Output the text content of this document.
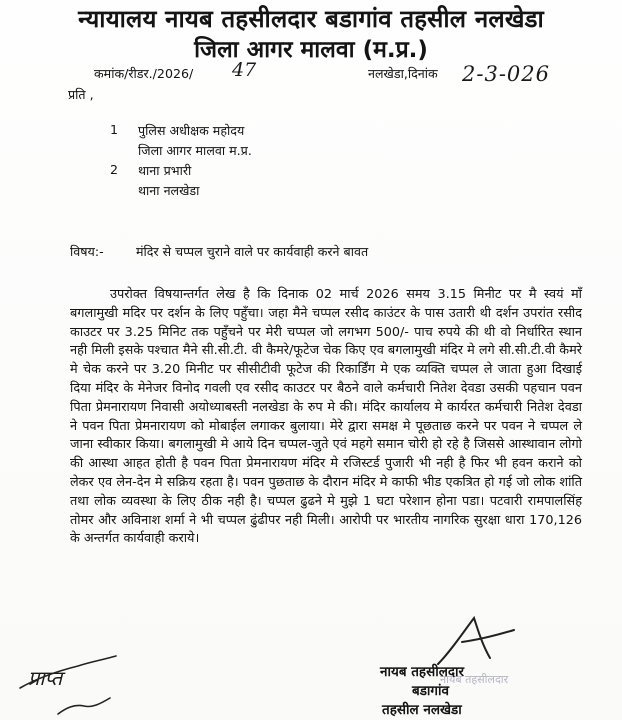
न्यायालय नायब तहसीलदार बडागांव तहसील नलखेडा
जिला आगर मालवा (म.प्र.)
कमांक/रीडर./2026/ 47	नलखेडा,दिनांक 2-3-026
प्रति ,
1 पुलिस अधीक्षक महोदय
जिला आगर मालवा म.प्र.
2 थाना प्रभारी
थाना नलखेडा
विषय:-	मंदिर से चप्पल चुराने वाले पर कार्यवाही करने बावत

उपरोक्त विषयान्तर्गत लेख है कि दिनाक 02 मार्च 2026 समय 3.15 मिनीट पर मै स्वयं माँ बगलामुखी मदिर पर दर्शन के लिए पहुँचा। जहा मैने चप्पल रसीद काउंटर के पास उतारी थी दर्शन उपरांत रसीद काउटर पर 3.25 मिनिट तक पहुँचने पर मेरी चप्पल जो लगभग 500/- पाच रुपये की थी वो निर्धारित स्थान नही मिली इसके पश्चात मैने सी.सी.टी. वी कैमरे/फूटेज चेक किए एव बगलामुखी मंदिर मे लगे सी.सी.टी.वी कैमरे मे चेक करने पर 3.20 मिनीट पर सीसीटीवी फूटेज की रिकार्डिंग मे एक व्यक्ति चप्पल ले जाता हुआ दिखाई दिया मंदिर के मेनेजर विनोद गवली एव रसीद काउटर पर बैठने वाले कर्मचारी नितेश देवडा उसकी पहचान पवन पिता प्रेमनारायण निवासी अयोध्याबस्ती नलखेडा के रुप मे की। मंदिर कार्यालय मे कार्यरत कर्मचारी नितेश देवडा ने पवन पिता प्रेमनारायण को मोबाईल लगाकर बुलाया। मेरे द्वारा समक्ष मे पूछताछ करने पर पवन ने चप्पल ले जाना स्वीकार किया। बगलामुखी मे आये दिन चप्पल-जुते एवं महगे समान चोरी हो रहे है जिससे आस्थावान लोगो की आस्था आहत होती है पवन पिता प्रेमनारायण मंदिर मे रजिस्टर्ड पुजारी भी नही है फिर भी हवन कराने को लेकर एव लेन-देन मे सक्रिय रहता है। पवन पुछताछ के दौरान मंदिर मे काफी भीड एकत्रित हो गई जो लोक शांति तथा लोक व्यवस्था के लिए ठीक नही है। चप्पल ढुढने मे मुझे 1 घटा परेशान होना पडा। पटवारी रामपालसिंह तोमर और अविनाश शर्मा ने भी चप्पल ढुंढीपर नही मिली। आरोपी पर भारतीय नागरिक सुरक्षा धारा 170,126 के अन्तर्गत कार्यवाही कराये।

नायब तहसीलदार
नायब तहसीलदार
बडागांव
तहसील नलखेडा
प्राप्त
